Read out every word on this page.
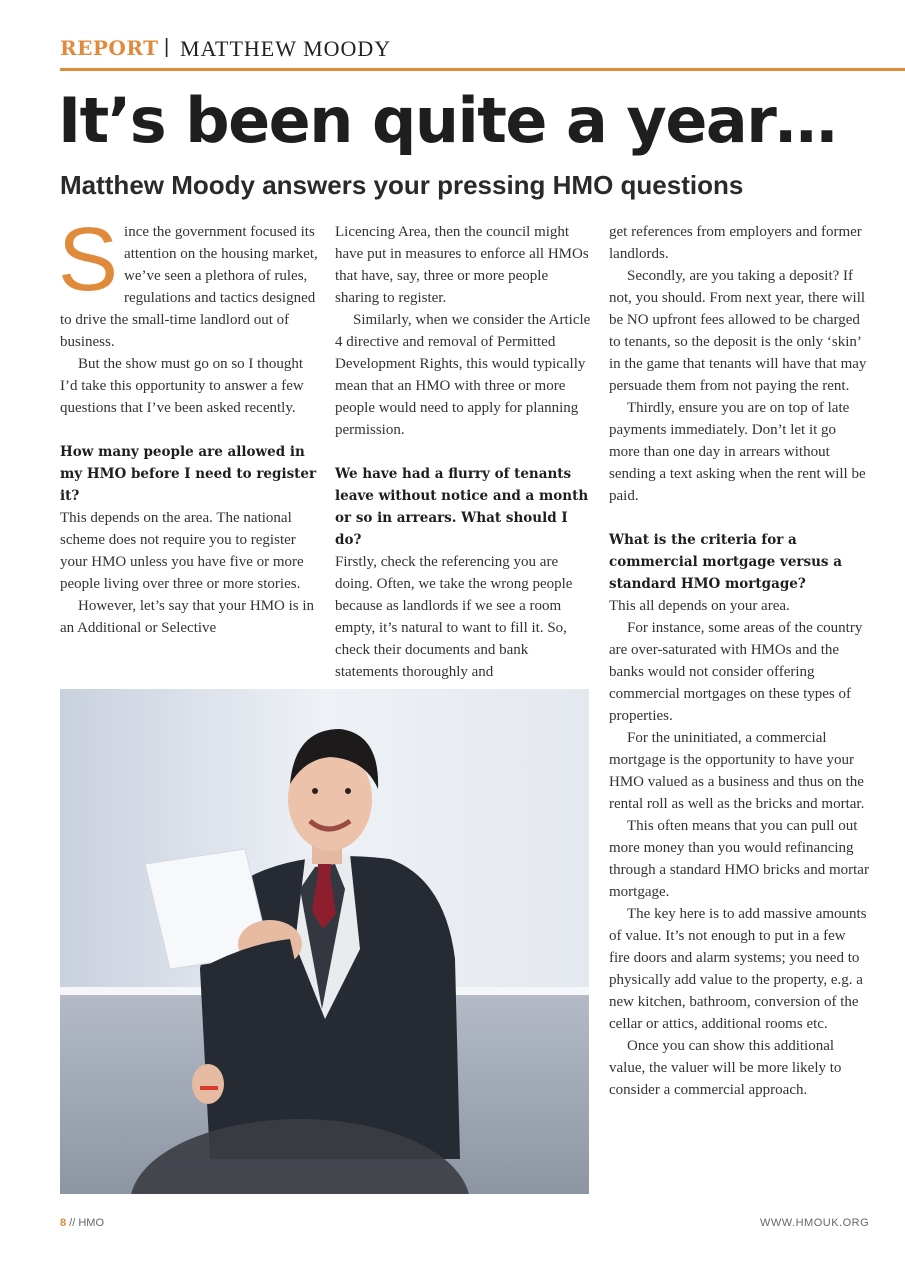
REPORT | MATTHEW MOODY
It’s been quite a year…
Matthew Moody answers your pressing HMO questions
S ince the government focused its attention on the housing market, we’ve seen a plethora of rules, regulations and tactics designed to drive the small-time landlord out of business.

But the show must go on so I thought I’d take this opportunity to answer a few questions that I’ve been asked recently.

How many people are allowed in my HMO before I need to register it?

This depends on the area. The national scheme does not require you to register your HMO unless you have five or more people living over three or more stories.

However, let’s say that your HMO is in an Additional or Selective

Licencing Area, then the council might have put in measures to enforce all HMOs that have, say, three or more people sharing to register.

Similarly, when we consider the Article 4 directive and removal of Permitted Development Rights, this would typically mean that an HMO with three or more people would need to apply for planning permission.

We have had a flurry of tenants leave without notice and a month or so in arrears. What should I do?

Firstly, check the referencing you are doing. Often, we take the wrong people because as landlords if we see a room empty, it’s natural to want to fill it. So, check their documents and bank statements thoroughly and

get references from employers and former landlords.

Secondly, are you taking a deposit? If not, you should. From next year, there will be NO upfront fees allowed to be charged to tenants, so the deposit is the only ‘skin’ in the game that tenants will have that may persuade them from not paying the rent.

Thirdly, ensure you are on top of late payments immediately. Don’t let it go more than one day in arrears without sending a text asking when the rent will be paid.

What is the criteria for a commercial mortgage versus a standard HMO mortgage?

This all depends on your area.

For instance, some areas of the country are over-saturated with HMOs and the banks would not consider offering commercial mortgages on these types of properties.

For the uninitiated, a commercial mortgage is the opportunity to have your HMO valued as a business and thus on the rental roll as well as the bricks and mortar.

This often means that you can pull out more money than you would refinancing through a standard HMO bricks and mortar mortgage.

The key here is to add massive amounts of value. It’s not enough to put in a few fire doors and alarm systems; you need to physically add value to the property, e.g. a new kitchen, bathroom, conversion of the cellar or attics, additional rooms etc.

Once you can show this additional value, the valuer will be more likely to consider a commercial approach.

8 // HMO	WWW.HMOUK.ORG
